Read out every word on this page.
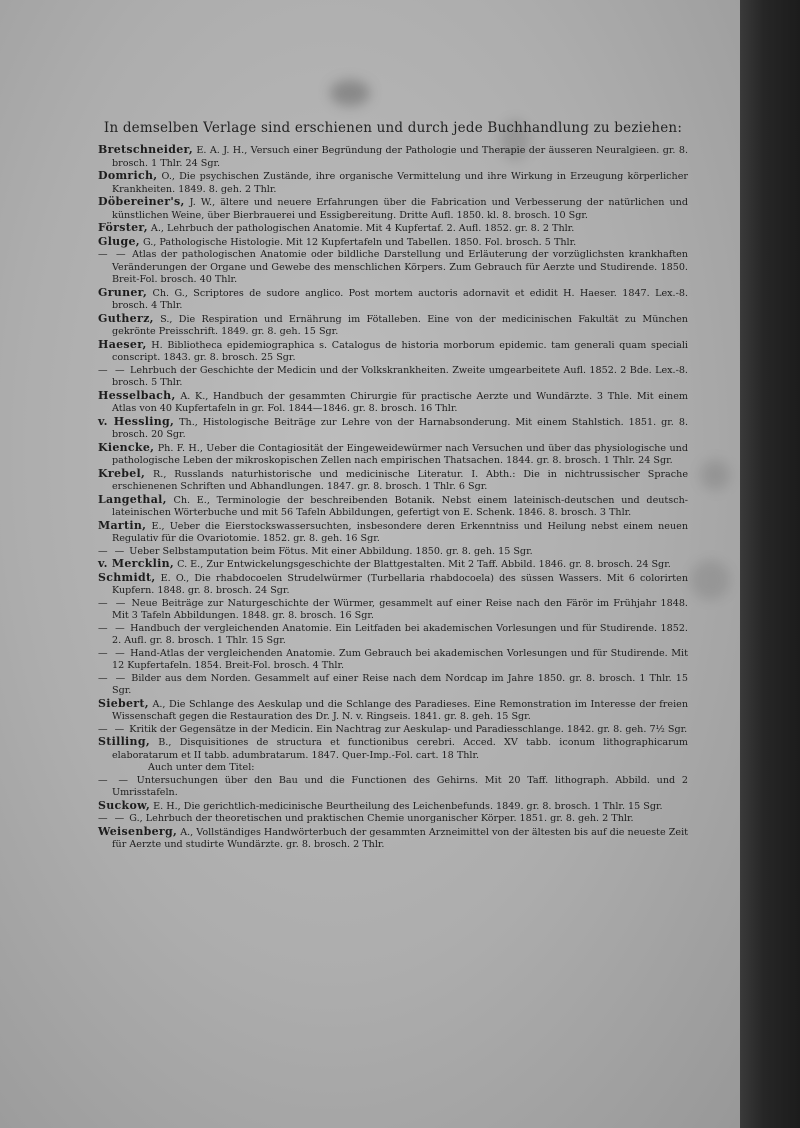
In demselben Verlage sind erschienen und durch jede Buchhandlung zu beziehen:

Bretschneider, E. A. J. H., Versuch einer Begründung der Pathologie und Therapie der äusseren Neuralgieen. gr. 8. brosch. 1 Thlr. 24 Sgr.

Domrich, O., Die psychischen Zustände, ihre organische Vermittelung und ihre Wirkung in Erzeugung körperlicher Krankheiten. 1849. 8. geh. 2 Thlr.

Döbereiner's, J. W., ältere und neuere Erfahrungen über die Fabrication und Verbesserung der natürlichen und künstlichen Weine, über Bierbrauerei und Essigbereitung. Dritte Aufl. 1850. kl. 8. brosch. 10 Sgr.

Förster, A., Lehrbuch der pathologischen Anatomie. Mit 4 Kupfertaf. 2. Aufl. 1852. gr. 8. 2 Thlr.

Gluge, G., Pathologische Histologie. Mit 12 Kupfertafeln und Tabellen. 1850. Fol. brosch. 5 Thlr.

— — Atlas der pathologischen Anatomie oder bildliche Darstellung und Erläuterung der vorzüglichsten krankhaften Veränderungen der Organe und Gewebe des menschlichen Körpers. Zum Gebrauch für Aerzte und Studirende. 1850. Breit-Fol. brosch. 40 Thlr.

Gruner, Ch. G., Scriptores de sudore anglico. Post mortem auctoris adornavit et edidit H. Haeser. 1847. Lex.-8. brosch. 4 Thlr.

Gutherz, S., Die Respiration und Ernährung im Fötalleben. Eine von der medicinischen Fakultät zu München gekrönte Preisschrift. 1849. gr. 8. geh. 15 Sgr.

Haeser, H. Bibliotheca epidemiographica s. Catalogus de historia morborum epidemic. tam generali quam speciali conscript. 1843. gr. 8. brosch. 25 Sgr.

— — Lehrbuch der Geschichte der Medicin und der Volkskrankheiten. Zweite umgearbeitete Aufl. 1852. 2 Bde. Lex.-8. brosch. 5 Thlr.

Hesselbach, A. K., Handbuch der gesammten Chirurgie für practische Aerzte und Wundärzte. 3 Thle. Mit einem Atlas von 40 Kupfertafeln in gr. Fol. 1844—1846. gr. 8. brosch. 16 Thlr.

v. Hessling, Th., Histologische Beiträge zur Lehre von der Harnabsonderung. Mit einem Stahlstich. 1851. gr. 8. brosch. 20 Sgr.

Kiencke, Ph. F. H., Ueber die Contagiosität der Eingeweidewürmer nach Versuchen und über das physiologische und pathologische Leben der mikroskopischen Zellen nach empirischen Thatsachen. 1844. gr. 8. brosch. 1 Thlr. 24 Sgr.

Krebel, R., Russlands naturhistorische und medicinische Literatur. I. Abth.: Die in nichtrussischer Sprache erschienenen Schriften und Abhandlungen. 1847. gr. 8. brosch. 1 Thlr. 6 Sgr.

Langethal, Ch. E., Terminologie der beschreibenden Botanik. Nebst einem lateinisch-deutschen und deutsch-lateinischen Wörterbuche und mit 56 Tafeln Abbildungen, gefertigt von E. Schenk. 1846. 8. brosch. 3 Thlr.

Martin, E., Ueber die Eierstockswassersuchten, insbesondere deren Erkenntniss und Heilung nebst einem neuen Regulativ für die Ovariotomie. 1852. gr. 8. geh. 16 Sgr.

— — Ueber Selbstamputation beim Fötus. Mit einer Abbildung. 1850. gr. 8. geh. 15 Sgr.

v. Mercklin, C. E., Zur Entwickelungsgeschichte der Blattgestalten. Mit 2 Taff. Abbild. 1846. gr. 8. brosch. 24 Sgr.

Schmidt, E. O., Die rhabdocoelen Strudelwürmer (Turbellaria rhabdocoela) des süssen Wassers. Mit 6 colorirten Kupfern. 1848. gr. 8. brosch. 24 Sgr.

— — Neue Beiträge zur Naturgeschichte der Würmer, gesammelt auf einer Reise nach den Färör im Frühjahr 1848. Mit 3 Tafeln Abbildungen. 1848. gr. 8. brosch. 16 Sgr.

— — Handbuch der vergleichenden Anatomie. Ein Leitfaden bei akademischen Vorlesungen und für Studirende. 1852. 2. Aufl. gr. 8. brosch. 1 Thlr. 15 Sgr.

— — Hand-Atlas der vergleichenden Anatomie. Zum Gebrauch bei akademischen Vorlesungen und für Studirende. Mit 12 Kupfertafeln. 1854. Breit-Fol. brosch. 4 Thlr.

— — Bilder aus dem Norden. Gesammelt auf einer Reise nach dem Nordcap im Jahre 1850. gr. 8. brosch. 1 Thlr. 15 Sgr.

Siebert, A., Die Schlange des Aeskulap und die Schlange des Paradieses. Eine Remonstration im Interesse der freien Wissenschaft gegen die Restauration des Dr. J. N. v. Ringseis. 1841. gr. 8. geh. 15 Sgr.

— — Kritik der Gegensätze in der Medicin. Ein Nachtrag zur Aeskulap- und Paradiesschlange. 1842. gr. 8. geh. 7½ Sgr.

Stilling, B., Disquisitiones de structura et functionibus cerebri. Acced. XV tabb. iconum lithographicarum elaboratarum et II tabb. adumbratarum. 1847. Quer-Imp.-Fol. cart. 18 Thlr.

Auch unter dem Titel:

— — Untersuchungen über den Bau und die Functionen des Gehirns. Mit 20 Taff. lithograph. Abbild. und 2 Umrisstafeln.

Suckow, E. H., Die gerichtlich-medicinische Beurtheilung des Leichenbefunds. 1849. gr. 8. brosch. 1 Thlr. 15 Sgr.

— — G., Lehrbuch der theoretischen und praktischen Chemie unorganischer Körper. 1851. gr. 8. geh. 2 Thlr.

Weisenberg, A., Vollständiges Handwörterbuch der gesammten Arzneimittel von der ältesten bis auf die neueste Zeit für Aerzte und studirte Wundärzte. gr. 8. brosch. 2 Thlr.
